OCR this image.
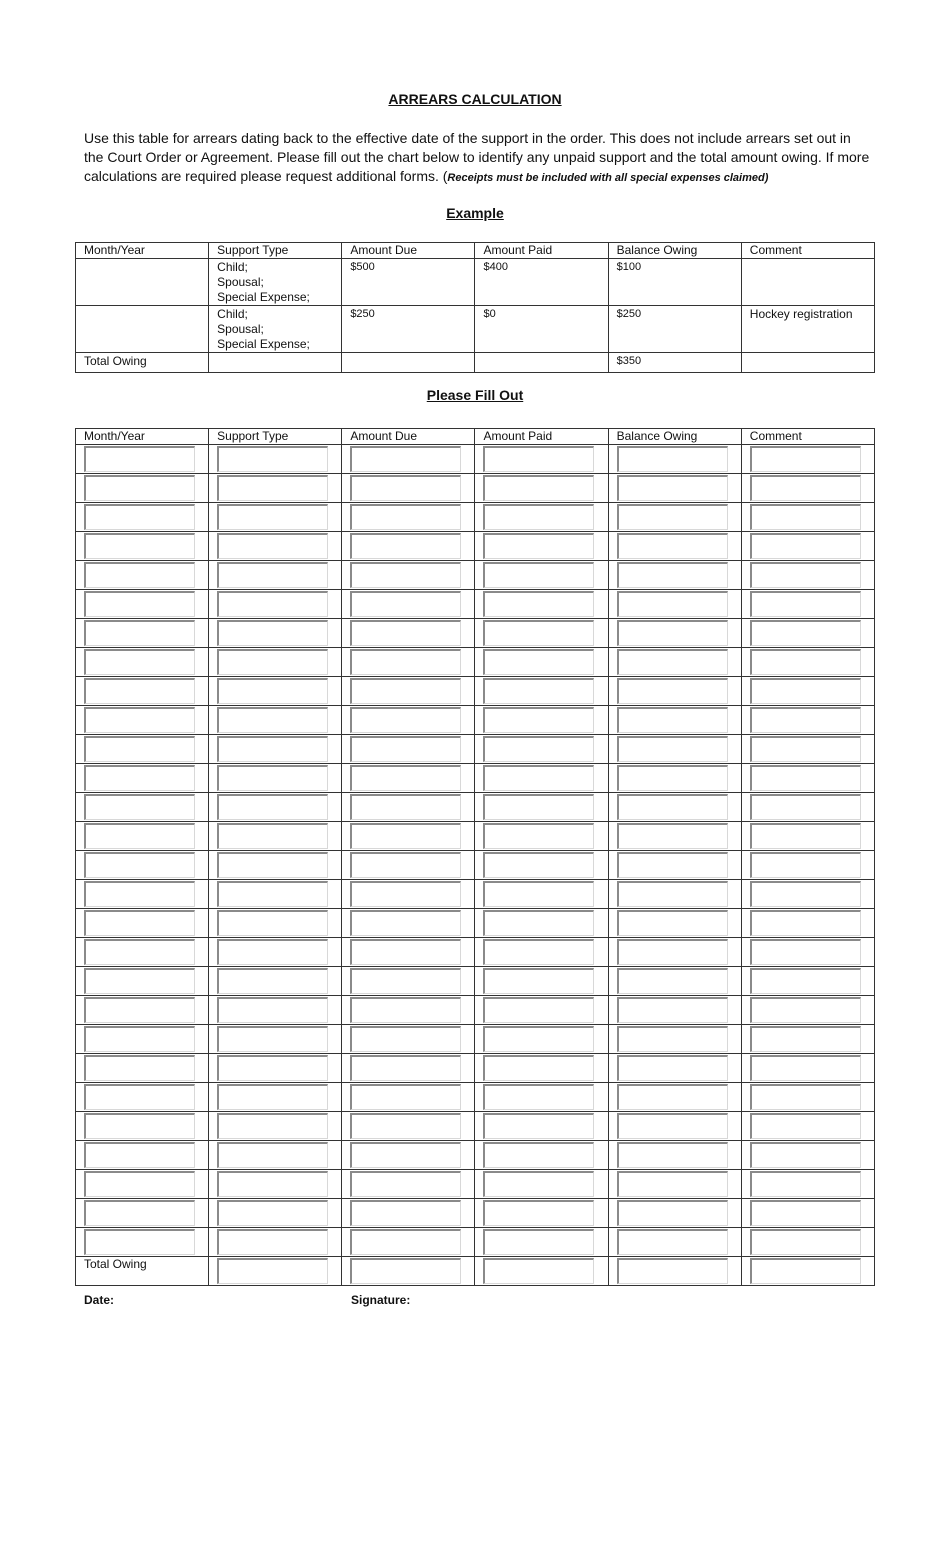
ARREARS CALCULATION
Use this table for arrears dating back to the effective date of the support in the order. This does not include arrears set out in the Court Order or Agreement. Please fill out the chart below to identify any unpaid support and the total amount owing. If more calculations are required please request additional forms. (Receipts must be included with all special expenses claimed)
Example
Month/Year	Support Type	Amount Due	Amount Paid	Balance Owing	Comment

	Child;
Spousal;
Special Expense;	$500	$400	$100	

	Child;
Spousal;
Special Expense;	$250	$0	$250	Hockey registration
Total Owing				$350	
Please Fill Out
Month/Year	Support Type	Amount Due	Amount Paid	Balance Owing	Comment

Total Owing	

Date:	Signature:
